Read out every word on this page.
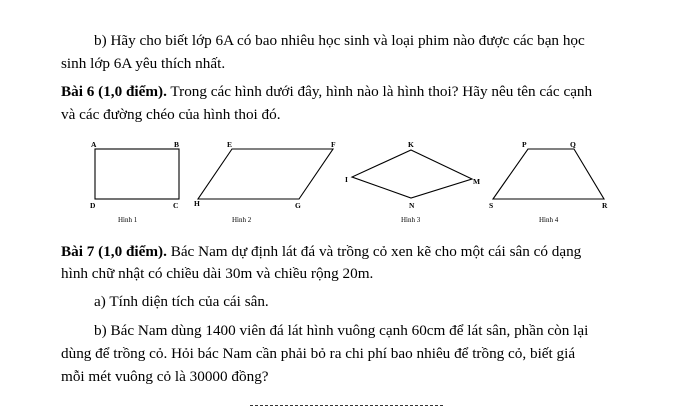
b) Hãy cho biết lớp 6A có bao nhiêu học sinh và loại phim nào được các bạn học
sinh lớp 6A yêu thích nhất.
Bài 6 (1,0 điểm). Trong các hình dưới đây, hình nào là hình thoi? Hãy nêu tên các cạnh
và các đường chéo của hình thoi đó.
A	B
C
D
Hình 1
E	F
G
H
Hình 2
K
M
N
I
Hình 3
P	Q
R
S
Hình 4
Bài 7 (1,0 điểm). Bác Nam dự định lát đá và trồng cỏ xen kẽ cho một cái sân có dạng
hình chữ nhật có chiều dài 30m và chiều rộng 20m.
a) Tính diện tích của cái sân.
b) Bác Nam dùng 1400 viên đá lát hình vuông cạnh 60cm để lát sân, phần còn lại
dùng để trồng cỏ. Hỏi bác Nam cần phải bỏ ra chi phí bao nhiêu để trồng cỏ, biết giá
mỗi mét vuông cỏ là 30000 đồng?
